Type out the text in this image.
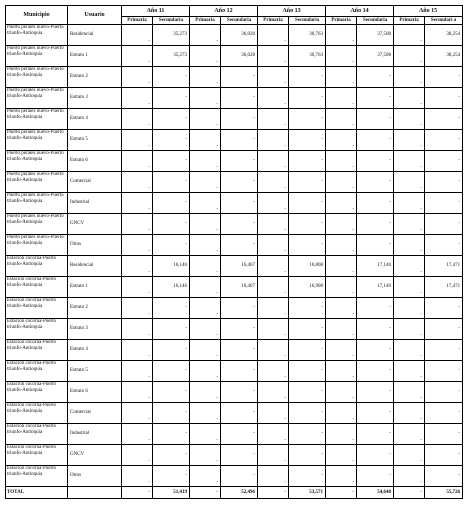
Municipio	Usuario	Año 11		Año 12		Año 13		Año 14		Año 15	
		Primaria	Secundaria	Primaria	Secundaria	Primaria	Secundaria	Primaria	Secundaria	Primaria	Secundari a
Puerto perales nuevo-Puerto triunfo-Antioquia	Residencial	-	35,273	-	36,028	-	36,763	-	37,508	-	38,254
Puerto perales nuevo-Puerto triunfo-Antioquia	Estrato 1	-	35,273	-	36,028	-	36,763	-	37,508	-	38,254
Puerto perales nuevo-Puerto triunfo-Antioquia	Estrato 2	-	-	-	-	-	-	-	-	-	-
Puerto perales nuevo-Puerto triunfo-Antioquia	Estrato 3	-	-	-	-	-	-	-	-	-	-
Puerto perales nuevo-Puerto triunfo-Antioquia	Estrato 4	-	-	-	-	-	-	-	-	-	-
Puerto perales nuevo-Puerto triunfo-Antioquia	Estrato 5	-	-	-	-	-	-	-	-	-	-
Puerto perales nuevo-Puerto triunfo-Antioquia	Estrato 6	-	-	-	-	-	-	-	-	-	-
Puerto perales nuevo-Puerto triunfo-Antioquia	Comercial	-	-	-	-	-	-	-	-	-	-
Puerto perales nuevo-Puerto triunfo-Antioquia	Industrial	-	-	-	-	-	-	-	-	-	-
Puerto perales nuevo-Puerto triunfo-Antioquia	GNCV	-	-	-	-	-	-	-	-	-	-
Puerto perales nuevo-Puerto triunfo-Antioquia	Otros	-	-	-	-	-	-	-	-	-	-
Estacion cocorna-Puerto triunfo-Antioquia	Residencial	-	16,146	-	16,467	-	16,808	-	17,140	-	17,471
Estacion cocorna-Puerto triunfo-Antioquia	Estrato 1	-	16,146	-	16,467	-	16,908	-	17,140	-	17,471
Estacion cocorna-Puerto triunfo-Antioquia	Estrato 2	-	-	-	-	-	-	-	-	-	-
Estacion cocorna-Puerto triunfo-Antioquia	Estrato 3	-	-	-	-	-	-	-	-	-	-
Estacion cocorna-Puerto triunfo-Antioquia	Estrato 4	-	-	-	-	-	-	-	-	-	-
Estacion cocorna-Puerto triunfo-Antioquia	Estrato 5	-	-	-	-	-	-	-	-	-	-
Estacion cocorna-Puerto triunfo-Antioquia	Estrato 6	-	-	-	-	-	-	-	-	-	-
Estacion cocorna-Puerto triunfo-Antioquia	Comercial	-	-	-	-	-	-	-	-	-	-
Estacion cocorna-Puerto triunfo-Antioquia	Industrial	-	-	-	-	-	-	-	-	-	-
Estacion cocorna-Puerto triunfo-Antioquia	GNCV	-	-	-	-	-	-	-	-	-	-
Estacion cocorna-Puerto triunfo-Antioquia	Otros	-	-	-	-	-	-	-	-	-	-
TOTAL		-	51,419	-	52,496	-	53,571	-	54,648	-	55,726
